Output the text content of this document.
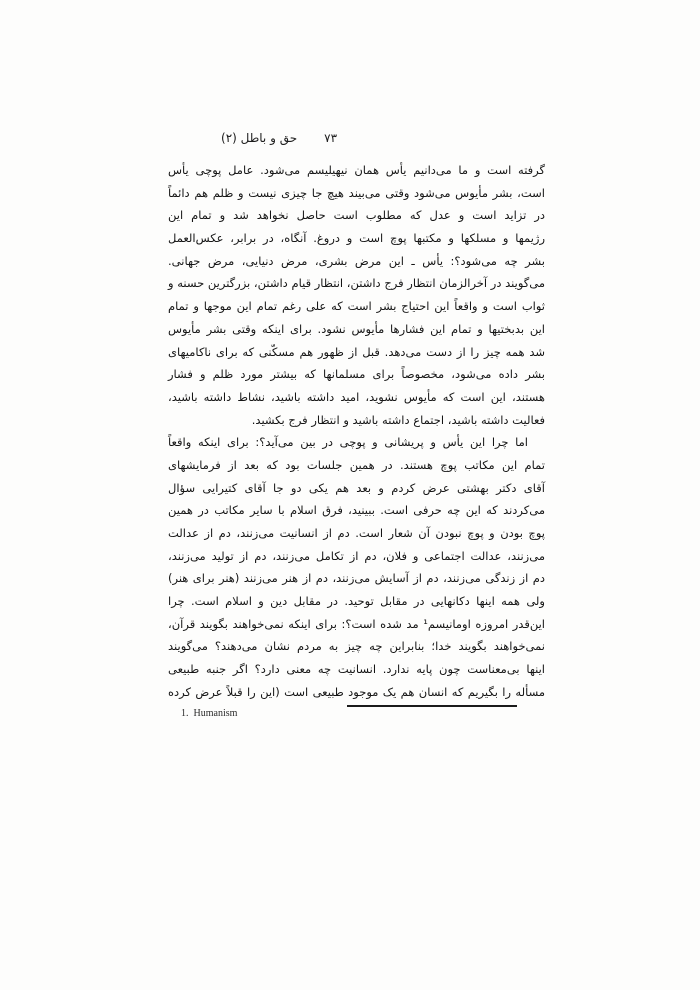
۷۳
حق و باطل (۲)
گرفته است و ما می‌دانیم یأس همان نیهیلیسم می‌شود. عامل پوچی یأس
است، بشر مأیوس می‌شود وقتی می‌بیند هیچ جا چیزی نیست و ظلم هم دائماً
در تزاید است و عدل که مطلوب است حاصل نخواهد شد و تمام این
رژیمها و مسلکها و مکتبها پوچ است و دروغ. آنگاه، در برابر، عکس‌العمل
بشر چه می‌شود؟: یأس ـ این مرض بشری، مرض دنیایی، مرض جهانی.
می‌گویند در آخرالزمان انتظار فرج داشتن، انتظار قیام داشتن، بزرگترین حسنه و
ثواب است و واقعاً این احتیاج بشر است که علی رغم تمام این موجها و تمام
این بدبختیها و تمام این فشارها مأیوس نشود. برای اینکه وقتی بشر مأیوس
شد همه چیز را از دست می‌دهد. قبل از ظهور هم مسکّنی که برای ناکامیهای
بشر داده می‌شود، مخصوصاً برای مسلمانها که بیشتر مورد ظلم و فشار
هستند، این است که مأیوس نشوید، امید داشته باشید، نشاط داشته باشید،
فعالیت داشته باشید، اجتماع داشته باشید و انتظار فرج بکشید.
اما چرا این یأس و پریشانی و پوچی در بین می‌آید؟: برای اینکه واقعاً
تمام این مکاتب پوچ هستند. در همین جلسات بود که بعد از فرمایشهای
آقای دکتر بهشتی عرض کردم و بعد هم یکی دو جا آقای کتیرایی سؤال
می‌کردند که این چه حرفی است. ببینید، فرق اسلام با سایر مکاتب در همین
پوچ بودن و پوچ نبودن آن شعار است. دم از انسانیت می‌زنند، دم از عدالت
می‌زنند، عدالت اجتماعی و فلان، دم از تکامل می‌زنند، دم از تولید می‌زنند،
دم از زندگی می‌زنند، دم از آسایش می‌زنند، دم از هنر می‌زنند (هنر برای هنر)
ولی همه اینها دکانهایی در مقابل توحید. در مقابل دین و اسلام است. چرا
این‌قدر امروزه اومانیسم¹ مد شده است؟: برای اینکه نمی‌خواهند بگویند قرآن،
نمی‌خواهند بگویند خدا؛ بنابراین چه چیز به مردم نشان می‌دهند؟ می‌گویند
اینها بی‌معناست چون پایه ندارد. انسانیت چه معنی دارد؟ اگر جنبه طبیعی
مسأله را بگیریم که انسان هم یک موجود طبیعی است (این را قبلاً عرض کرده
1. Humanism
